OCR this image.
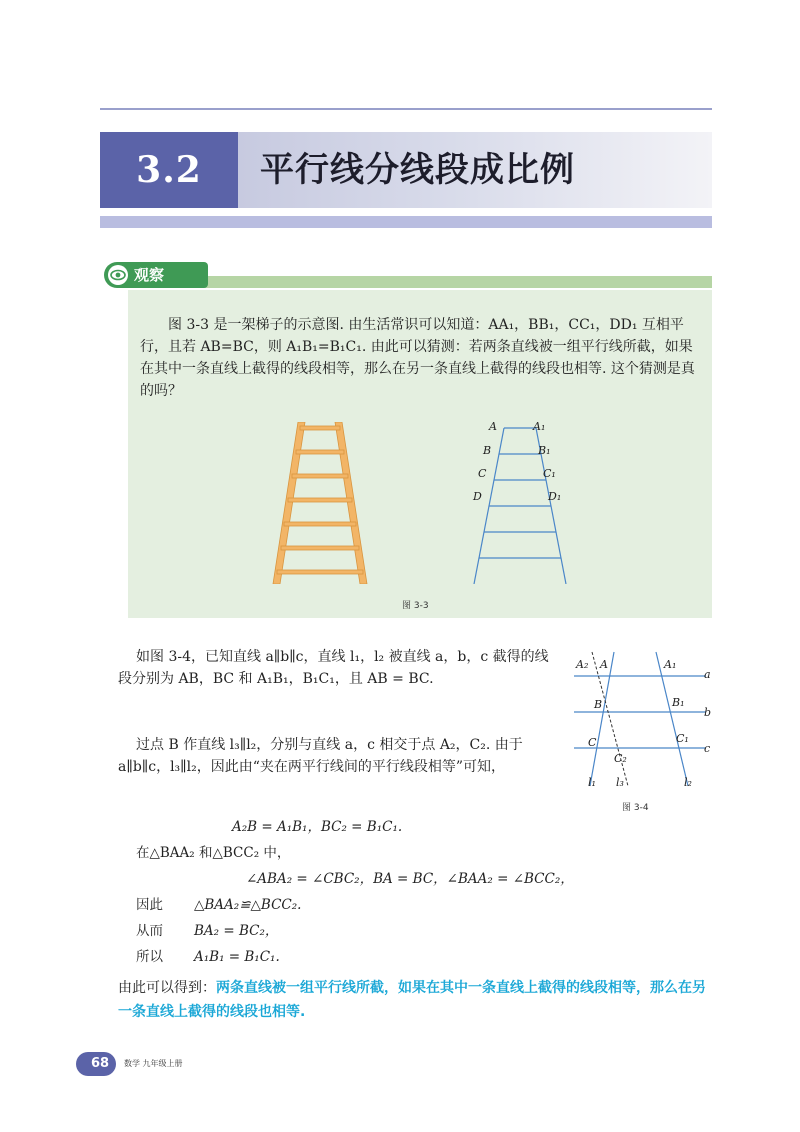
3.2	平行线分线段成比例
观察
图 3-3 是一架梯子的示意图. 由生活常识可以知道：AA₁，BB₁，CC₁，DD₁ 互相平行，且若 AB=BC，则 A₁B₁=B₁C₁. 由此可以猜测：若两条直线被一组平行线所截，如果在其中一条直线上截得的线段相等，那么在另一条直线上截得的线段也相等. 这个猜测是真的吗？
A
B
C
D
A₁
B₁
C₁
D₁
图 3-3
如图 3-4，已知直线 a∥b∥c，直线 l₁，l₂ 被直线 a，b，c 截得的线段分别为 AB，BC 和 A₁B₁，B₁C₁，且 AB = BC.
过点 B 作直线 l₃∥l₂，分别与直线 a，c 相交于点 A₂，C₂. 由于 a∥b∥c，l₃∥l₂，因此由“夹在两平行线间的平行线段相等”可知，
A₂B = A₁B₁，BC₂ = B₁C₁.
在△BAA₂ 和△BCC₂ 中，
∠ABA₂ = ∠CBC₂，BA = BC，∠BAA₂ = ∠BCC₂，
因此 △BAA₂≌△BCC₂.
从而 BA₂ = BC₂，
所以 A₁B₁ = B₁C₁.
由此可以得到：两条直线被一组平行线所截，如果在其中一条直线上截得的线段相等，那么在另一条直线上截得的线段也相等.
A₂ A	A₁
a
B	B₁
b
C	C₁
c
C₂
l₁ l₃	l₂
图 3-4
68	数学 九年级上册
